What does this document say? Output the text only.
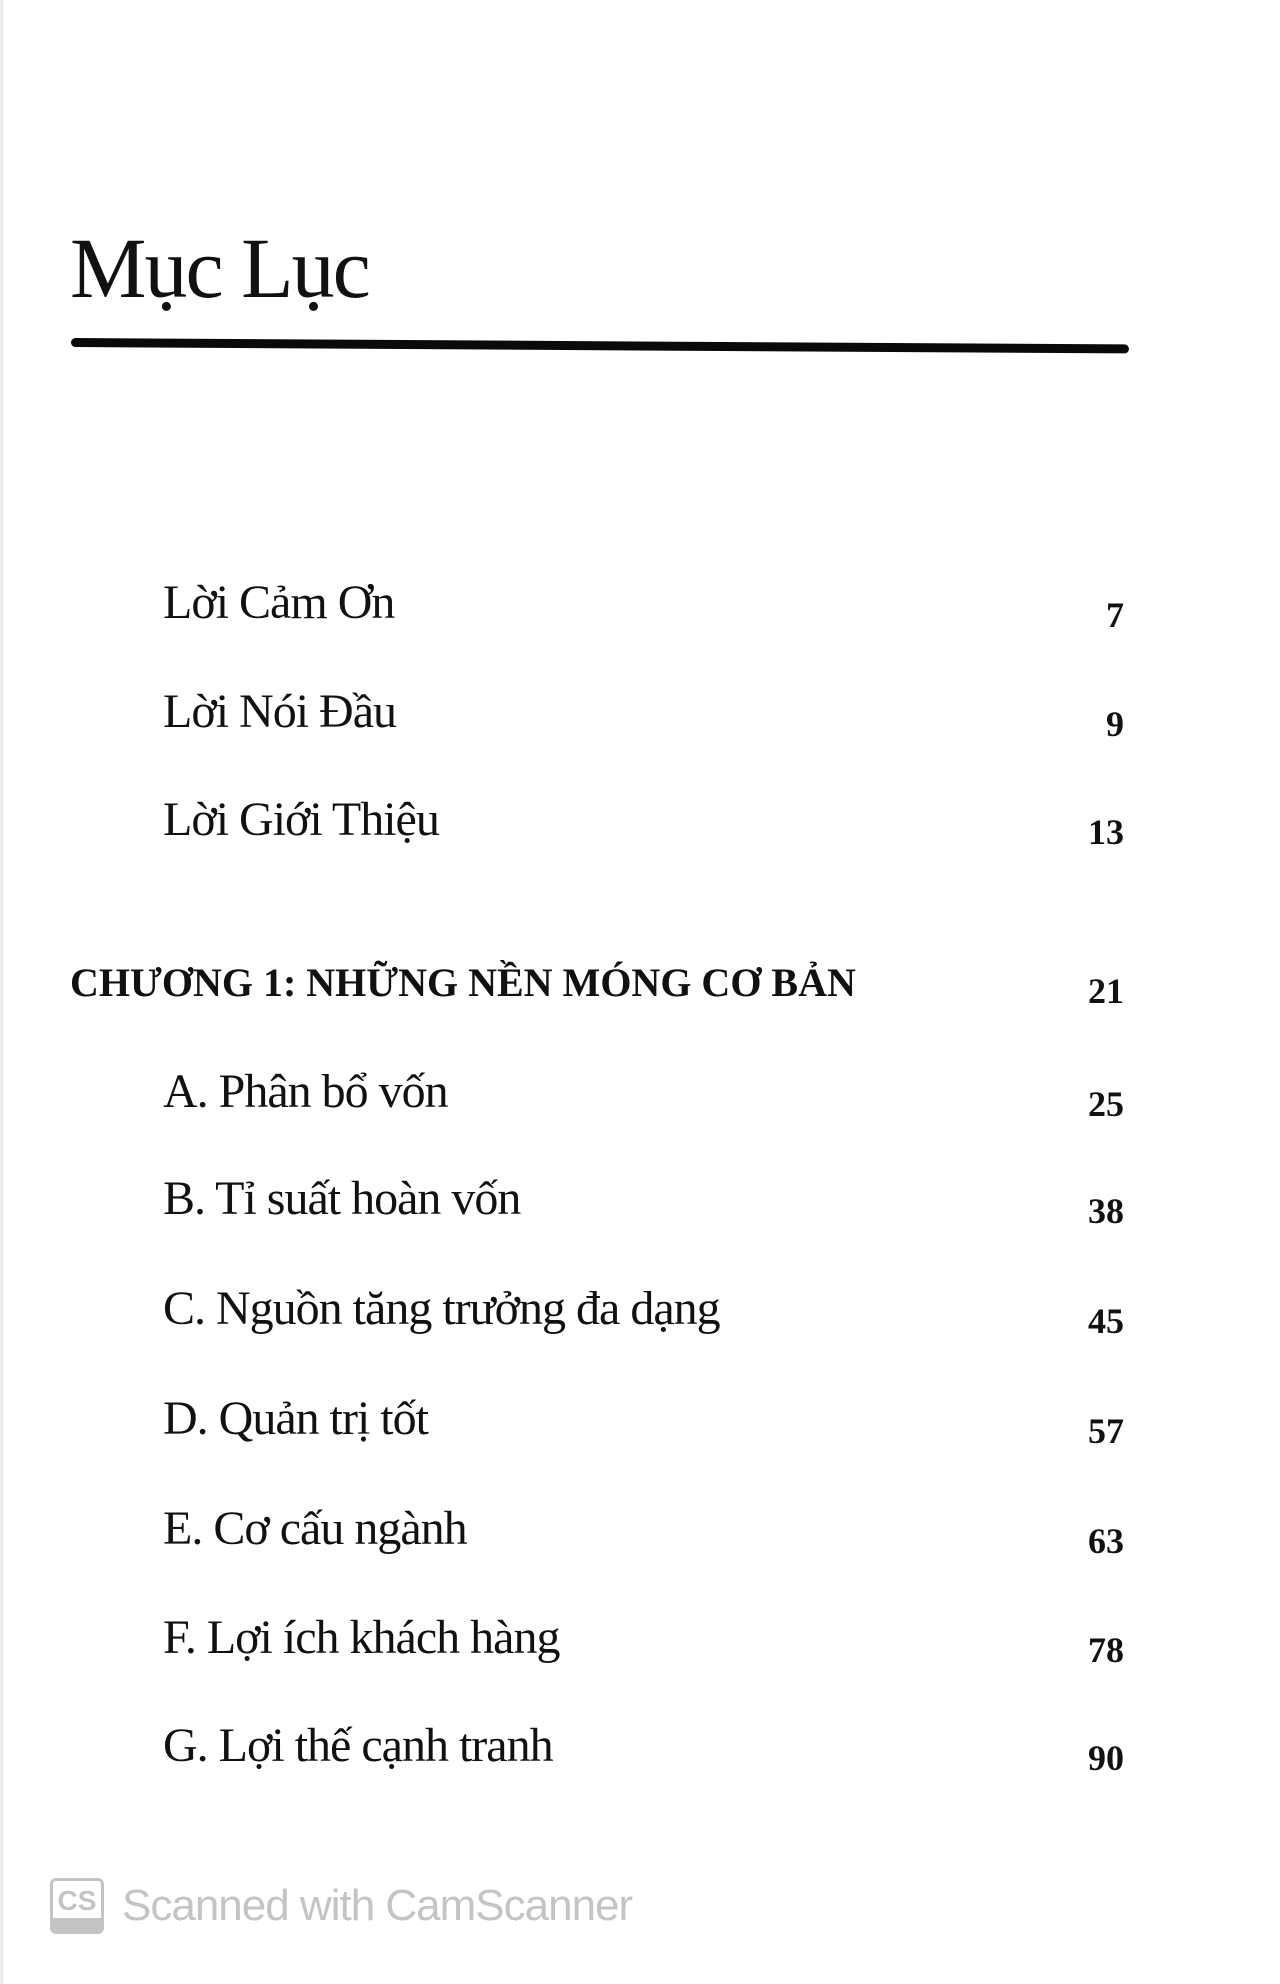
Mục Lục
Lời Cảm Ơn	7
Lời Nói Đầu	9
Lời Giới Thiệu	13
CHƯƠNG 1: NHỮNG NỀN MÓNG CƠ BẢN	21
A. Phân bổ vốn	25
B. Tỉ suất hoàn vốn	38
C. Nguồn tăng trưởng đa dạng	45
D. Quản trị tốt	57
E. Cơ cấu ngành	63
F. Lợi ích khách hàng	78
G. Lợi thế cạnh tranh	90
CS Scanned with CamScanner
